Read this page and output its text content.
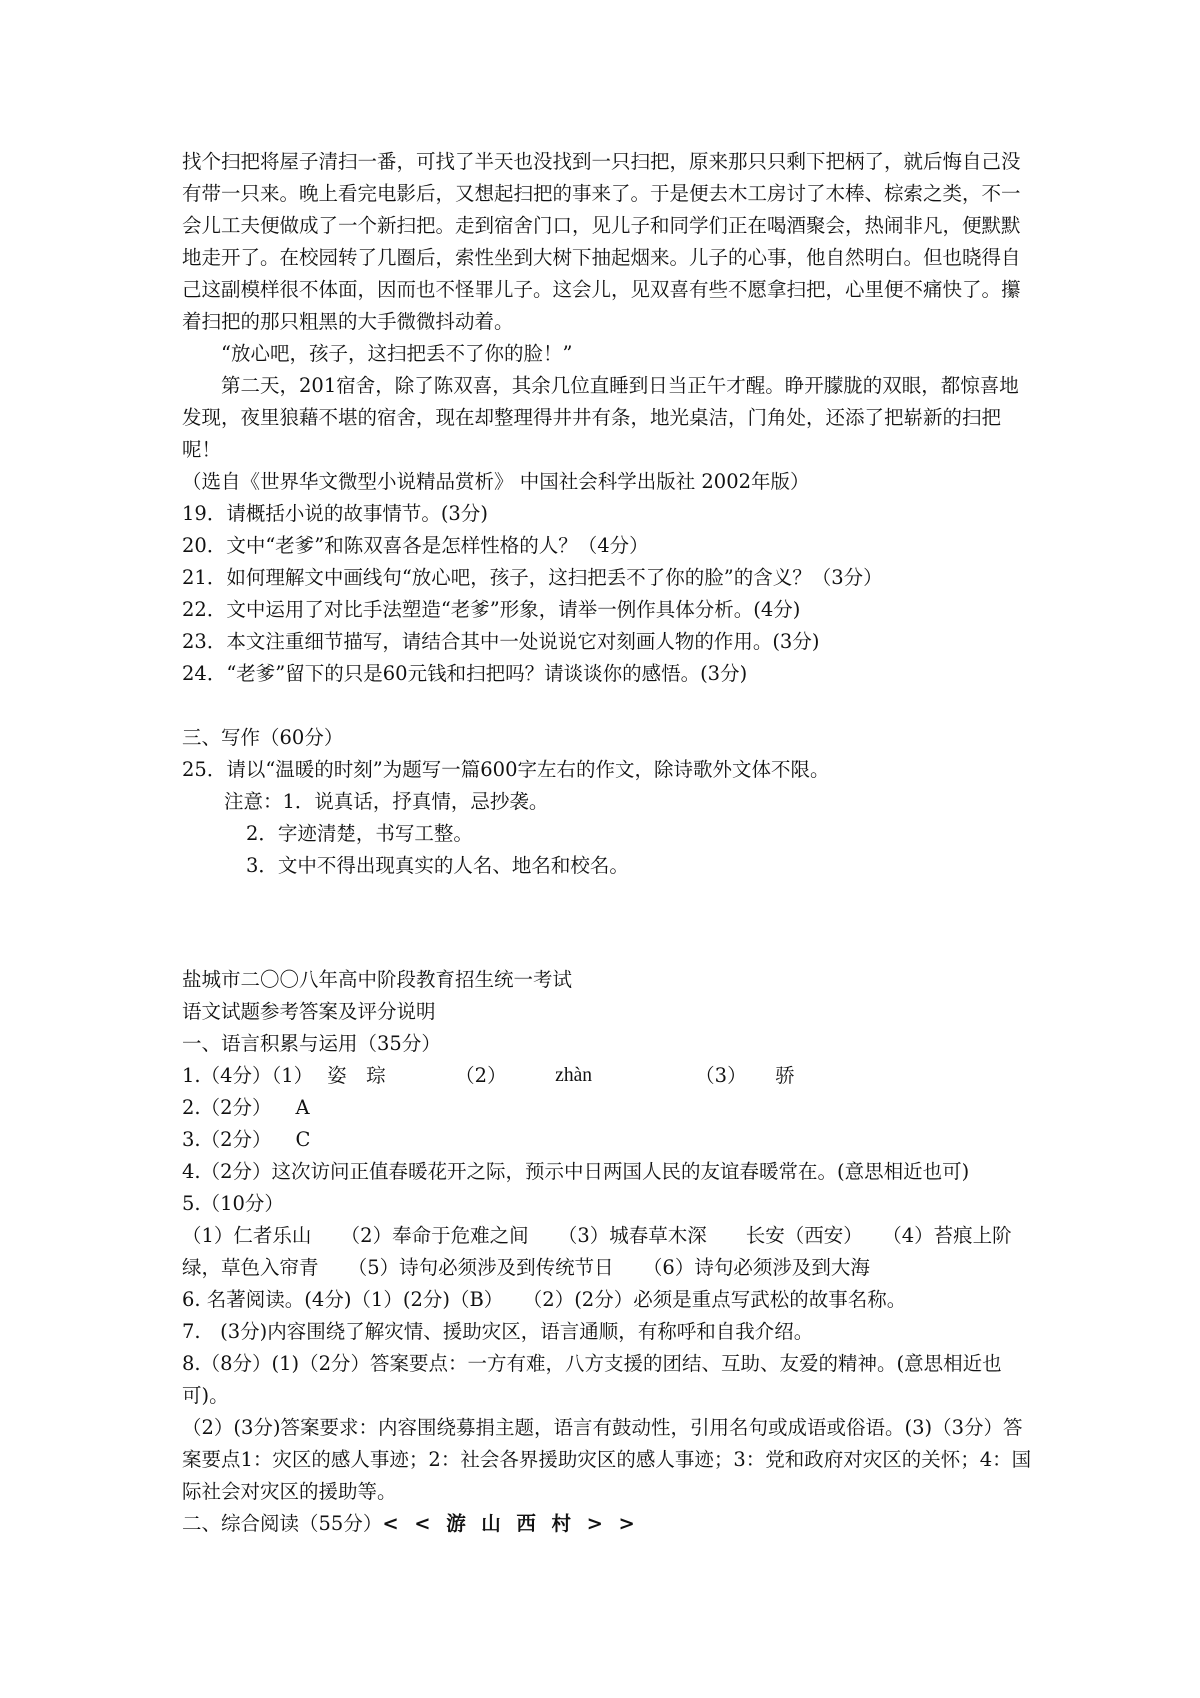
找个扫把将屋子清扫一番，可找了半天也没找到一只扫把，原来那只只剩下把柄了，就后悔自己没有带一只来。晚上看完电影后，又想起扫把的事来了。于是便去木工房讨了木棒、棕索之类，不一会儿工夫便做成了一个新扫把。走到宿舍门口，见儿子和同学们正在喝酒聚会，热闹非凡，便默默地走开了。在校园转了几圈后，索性坐到大树下抽起烟来。儿子的心事，他自然明白。但也晓得自己这副模样很不体面，因而也不怪罪儿子。这会儿，见双喜有些不愿拿扫把，心里便不痛快了。攥着扫把的那只粗黑的大手微微抖动着。

“放心吧，孩子，这扫把丢不了你的脸！”

第二天，201宿舍，除了陈双喜，其余几位直睡到日当正午才醒。睁开朦胧的双眼，都惊喜地发现，夜里狼藉不堪的宿舍，现在却整理得井井有条，地光桌洁，门角处，还添了把崭新的扫把呢！

（选自《世界华文微型小说精品赏析》 中国社会科学出版社 2002年版）

19．请概括小说的故事情节。(3分)

20．文中“老爹”和陈双喜各是怎样性格的人？（4分）

21．如何理解文中画线句“放心吧，孩子，这扫把丢不了你的脸”的含义？（3分）

22．文中运用了对比手法塑造“老爹”形象，请举一例作具体分析。(4分)

23．本文注重细节描写，请结合其中一处说说它对刻画人物的作用。(3分)

24．“老爹”留下的只是60元钱和扫把吗？请谈谈你的感悟。(3分)

三、写作（60分）

25．请以“温暖的时刻”为题写一篇600字左右的作文，除诗歌外文体不限。

注意：1．说真话，抒真情，忌抄袭。

2．字迹清楚，书写工整。

3．文中不得出现真实的人名、地名和校名。

盐城市二〇〇八年高中阶段教育招生统一考试

语文试题参考答案及评分说明

一、语言积累与运用（35分）

1.（4分）（1） 姿　琮	（2）	zhàn	（3）	骄
2.（2分）	A
3.（2分）	C

4.（2分）这次访问正值春暖花开之际，预示中日两国人民的友谊春暖常在。(意思相近也可)

5.（10分）

（1）仁者乐山　　（2）奉命于危难之间　　（3）城春草木深　　长安（西安）　　（4）苔痕上阶绿，草色入帘青　　（5）诗句必须涉及到传统节日　　（6）诗句必须涉及到大海

6. 名著阅读。(4分)（1）(2分)（B）　　（2）(2分）必须是重点写武松的故事名称。

7.　(3分)内容围绕了解灾情、援助灾区，语言通顺，有称呼和自我介绍。

8.（8分）(1)（2分）答案要点：一方有难，八方支援的团结、互助、友爱的精神。(意思相近也可)。

（2）(3分)答案要求：内容围绕募捐主题，语言有鼓动性，引用名句或成语或俗语。(3)（3分）答案要点1：灾区的感人事迹；2：社会各界援助灾区的感人事迹；3：党和政府对灾区的关怀；4：国际社会对灾区的援助等。

二、综合阅读（55分）<<游山西村>>
